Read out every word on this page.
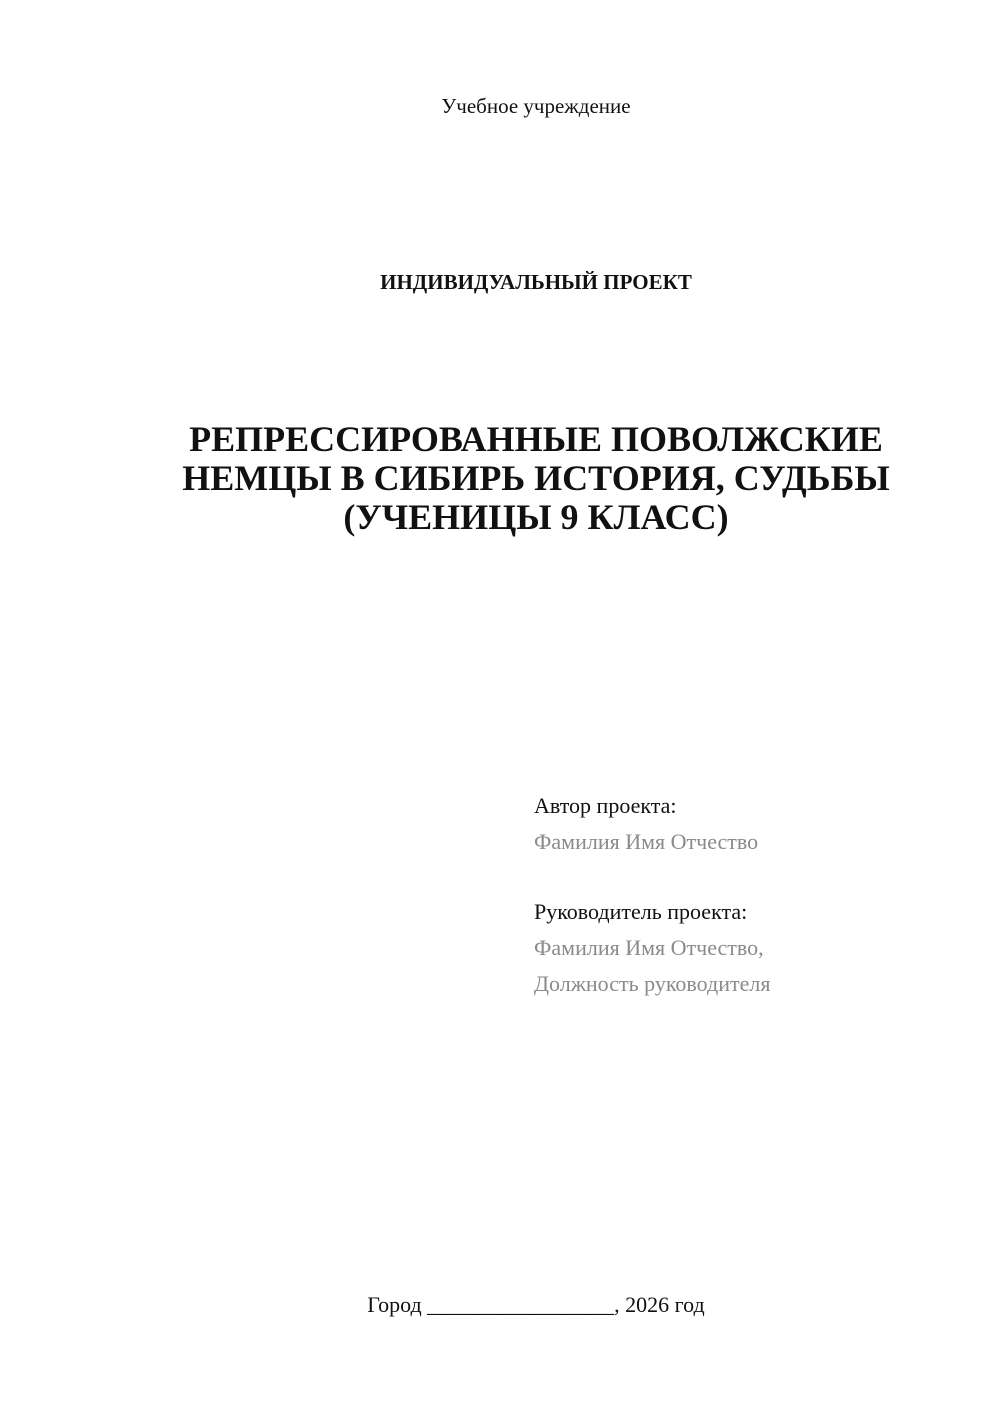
Учебное учреждение
ИНДИВИДУАЛЬНЫЙ ПРОЕКТ
РЕПРЕССИРОВАННЫЕ ПОВОЛЖСКИЕ
НЕМЦЫ В СИБИРЬ ИСТОРИЯ, СУДЬБЫ
(УЧЕНИЦЫ 9 КЛАСС)
Автор проекта:
Фамилия Имя Отчество
Руководитель проекта:
Фамилия Имя Отчество,
Должность руководителя
Город _________________, 2026 год
